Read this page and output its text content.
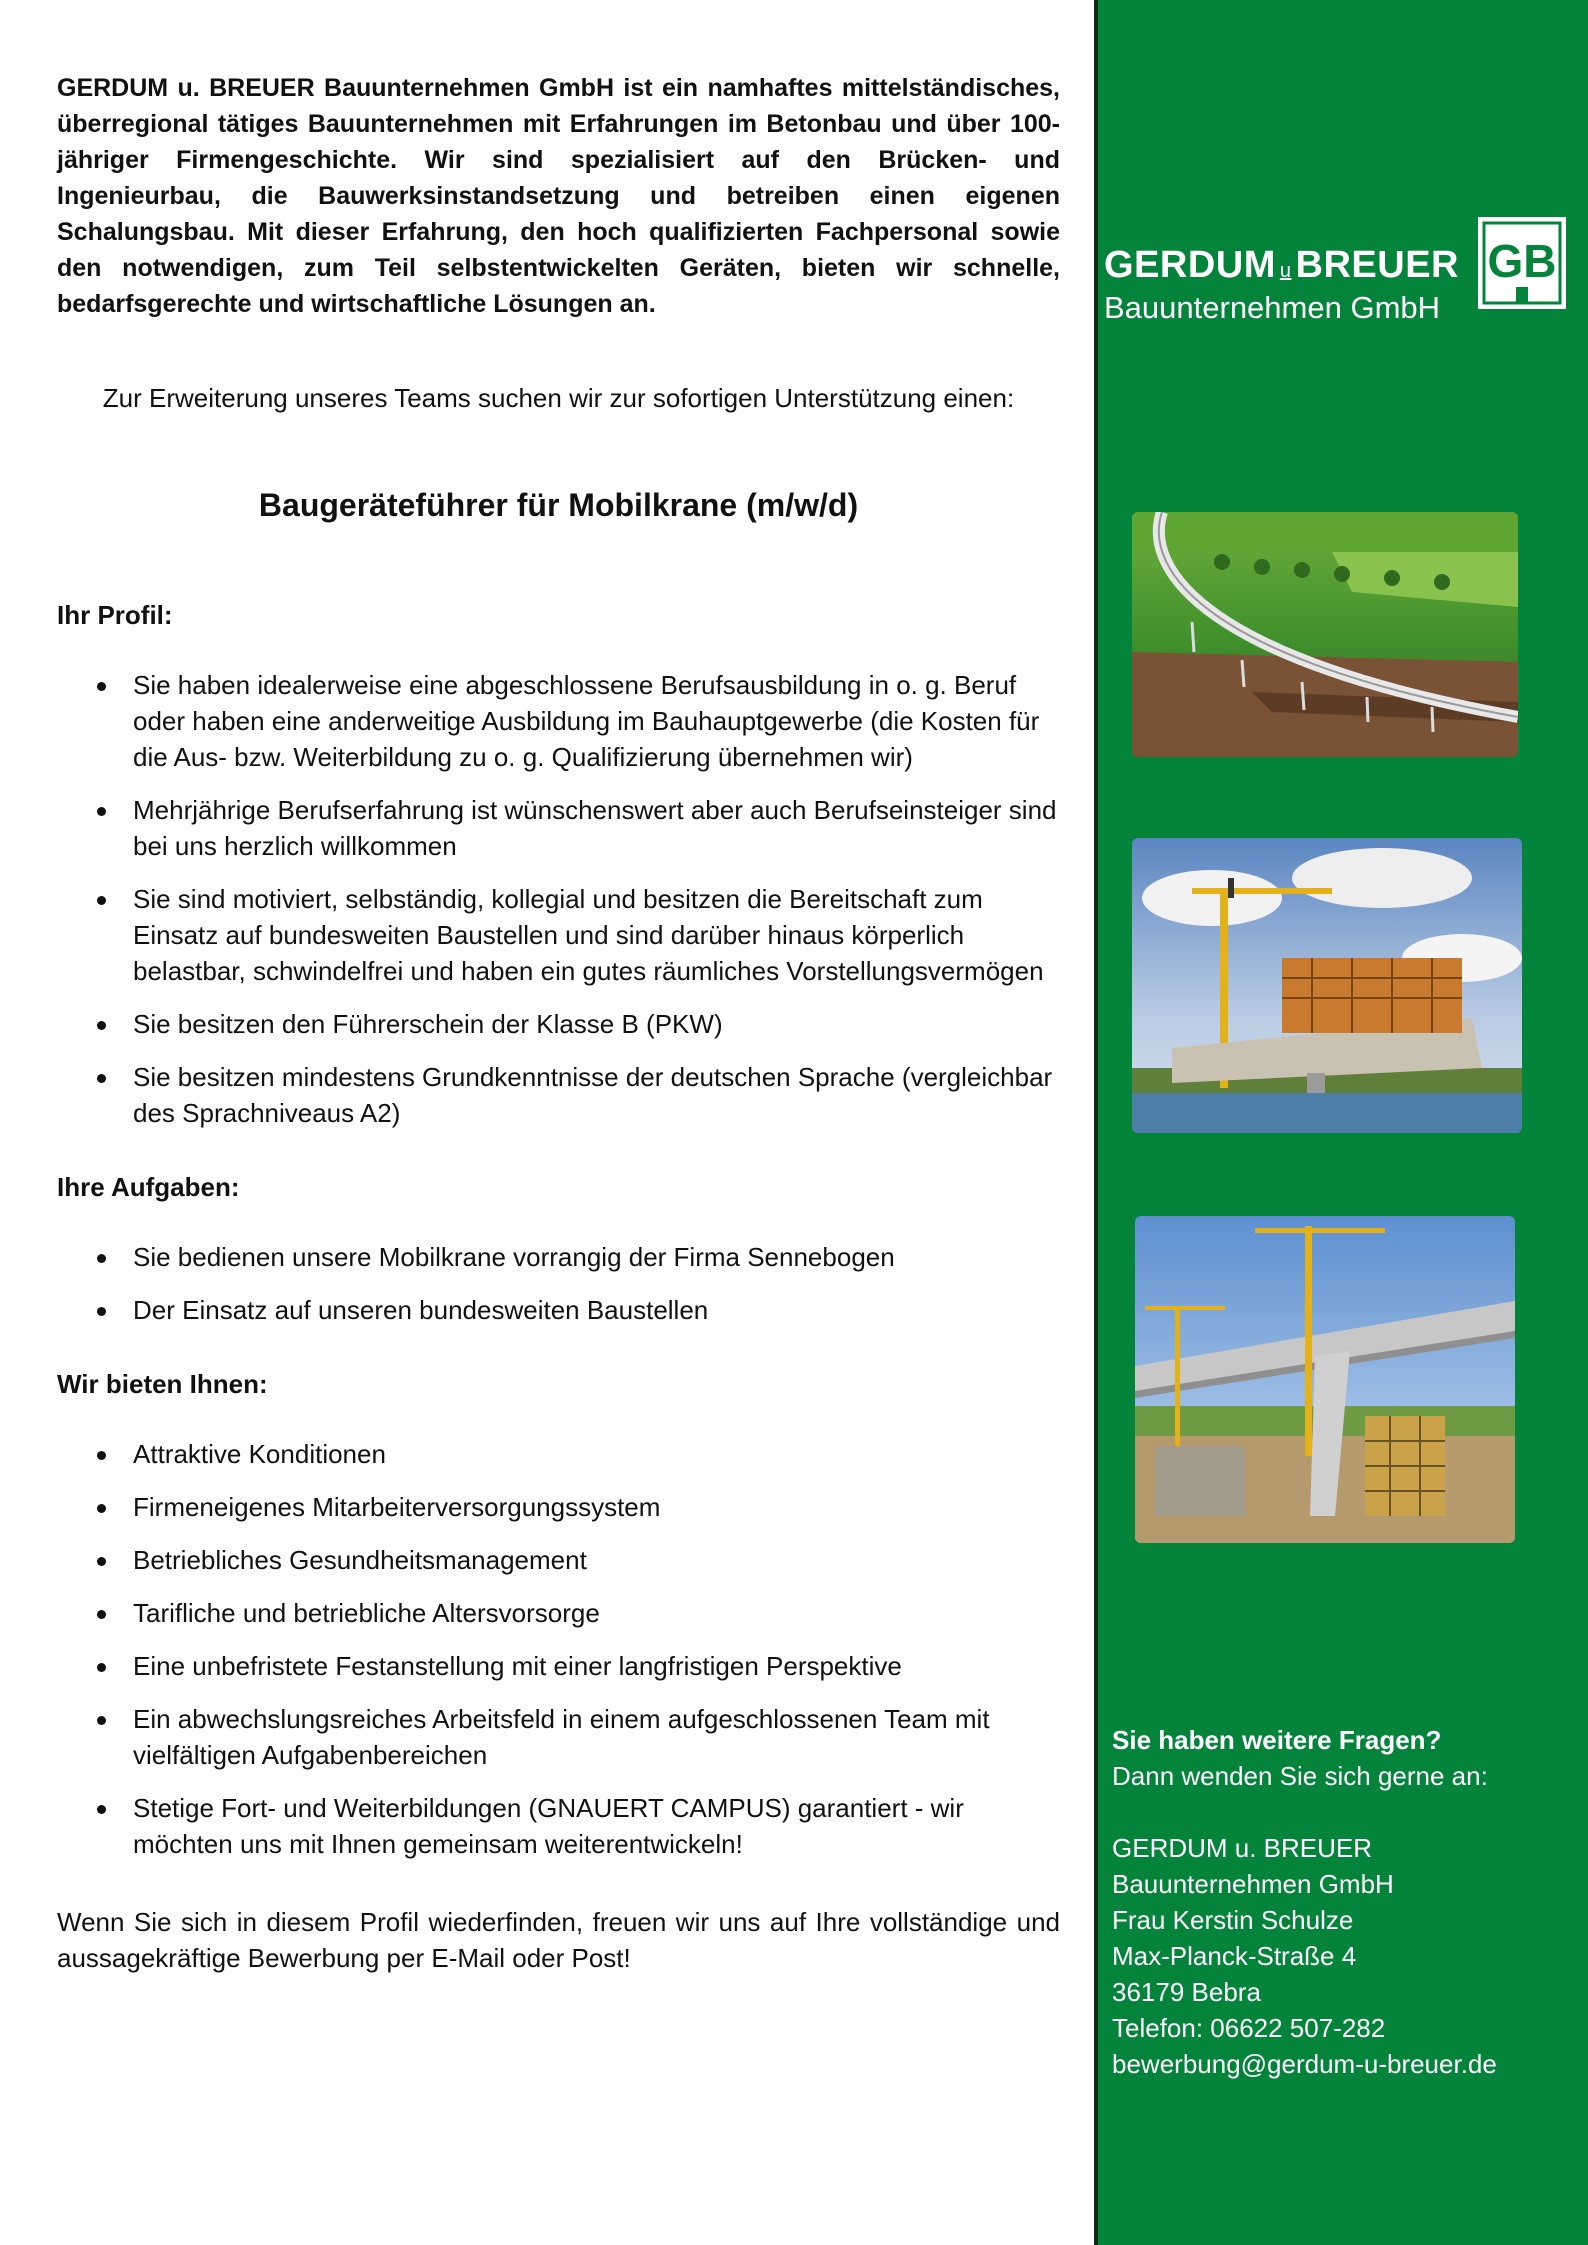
GERDUM u. BREUER Bauunternehmen GmbH ist ein namhaftes mittelständisches, überregional tätiges Bauunternehmen mit Erfahrungen im Betonbau und über 100-jähriger Firmengeschichte. Wir sind spezialisiert auf den Brücken- und Ingenieurbau, die Bauwerksinstandsetzung und betreiben einen eigenen Schalungsbau. Mit dieser Erfahrung, den hoch qualifizierten Fachpersonal sowie den notwendigen, zum Teil selbstentwickelten Geräten, bieten wir schnelle, bedarfsgerechte und wirtschaftliche Lösungen an.

Zur Erweiterung unseres Teams suchen wir zur sofortigen Unterstützung einen:

Baugeräteführer für Mobilkrane (m/w/d)
Ihr Profil:
Sie haben idealerweise eine abgeschlossene Berufsausbildung in o. g. Beruf oder haben eine anderweitige Ausbildung im Bauhauptgewerbe (die Kosten für die Aus- bzw. Weiterbildung zu o. g. Qualifizierung übernehmen wir)
Mehrjährige Berufserfahrung ist wünschenswert aber auch Berufseinsteiger sind bei uns herzlich willkommen
Sie sind motiviert, selbständig, kollegial und besitzen die Bereitschaft zum Einsatz auf bundesweiten Baustellen und sind darüber hinaus körperlich belastbar, schwindelfrei und haben ein gutes räumliches Vorstellungsvermögen
Sie besitzen den Führerschein der Klasse B (PKW)
Sie besitzen mindestens Grundkenntnisse der deutschen Sprache (vergleichbar des Sprachniveaus A2)
Ihre Aufgaben:
Sie bedienen unsere Mobilkrane vorrangig der Firma Sennebogen
Der Einsatz auf unseren bundesweiten Baustellen
Wir bieten Ihnen:
Attraktive Konditionen
Firmeneigenes Mitarbeiterversorgungssystem
Betriebliches Gesundheitsmanagement
Tarifliche und betriebliche Altersvorsorge
Eine unbefristete Festanstellung mit einer langfristigen Perspektive
Ein abwechslungsreiches Arbeitsfeld in einem aufgeschlossenen Team mit vielfältigen Aufgabenbereichen
Stetige Fort- und Weiterbildungen (GNAUERT CAMPUS) garantiert - wir möchten uns mit Ihnen gemeinsam weiterentwickeln!

Wenn Sie sich in diesem Profil wiederfinden, freuen wir uns auf Ihre vollständige und aussagekräftige Bewerbung per E-Mail oder Post!

GERDUM u BREUER
Bauunternehmen GmbH
GB
Sie haben weitere Fragen?
Dann wenden Sie sich gerne an:
GERDUM u. BREUER
Bauunternehmen GmbH
Frau Kerstin Schulze
Max-Planck-Straße 4
36179 Bebra
Telefon: 06622 507-282
bewerbung@gerdum-u-breuer.de
